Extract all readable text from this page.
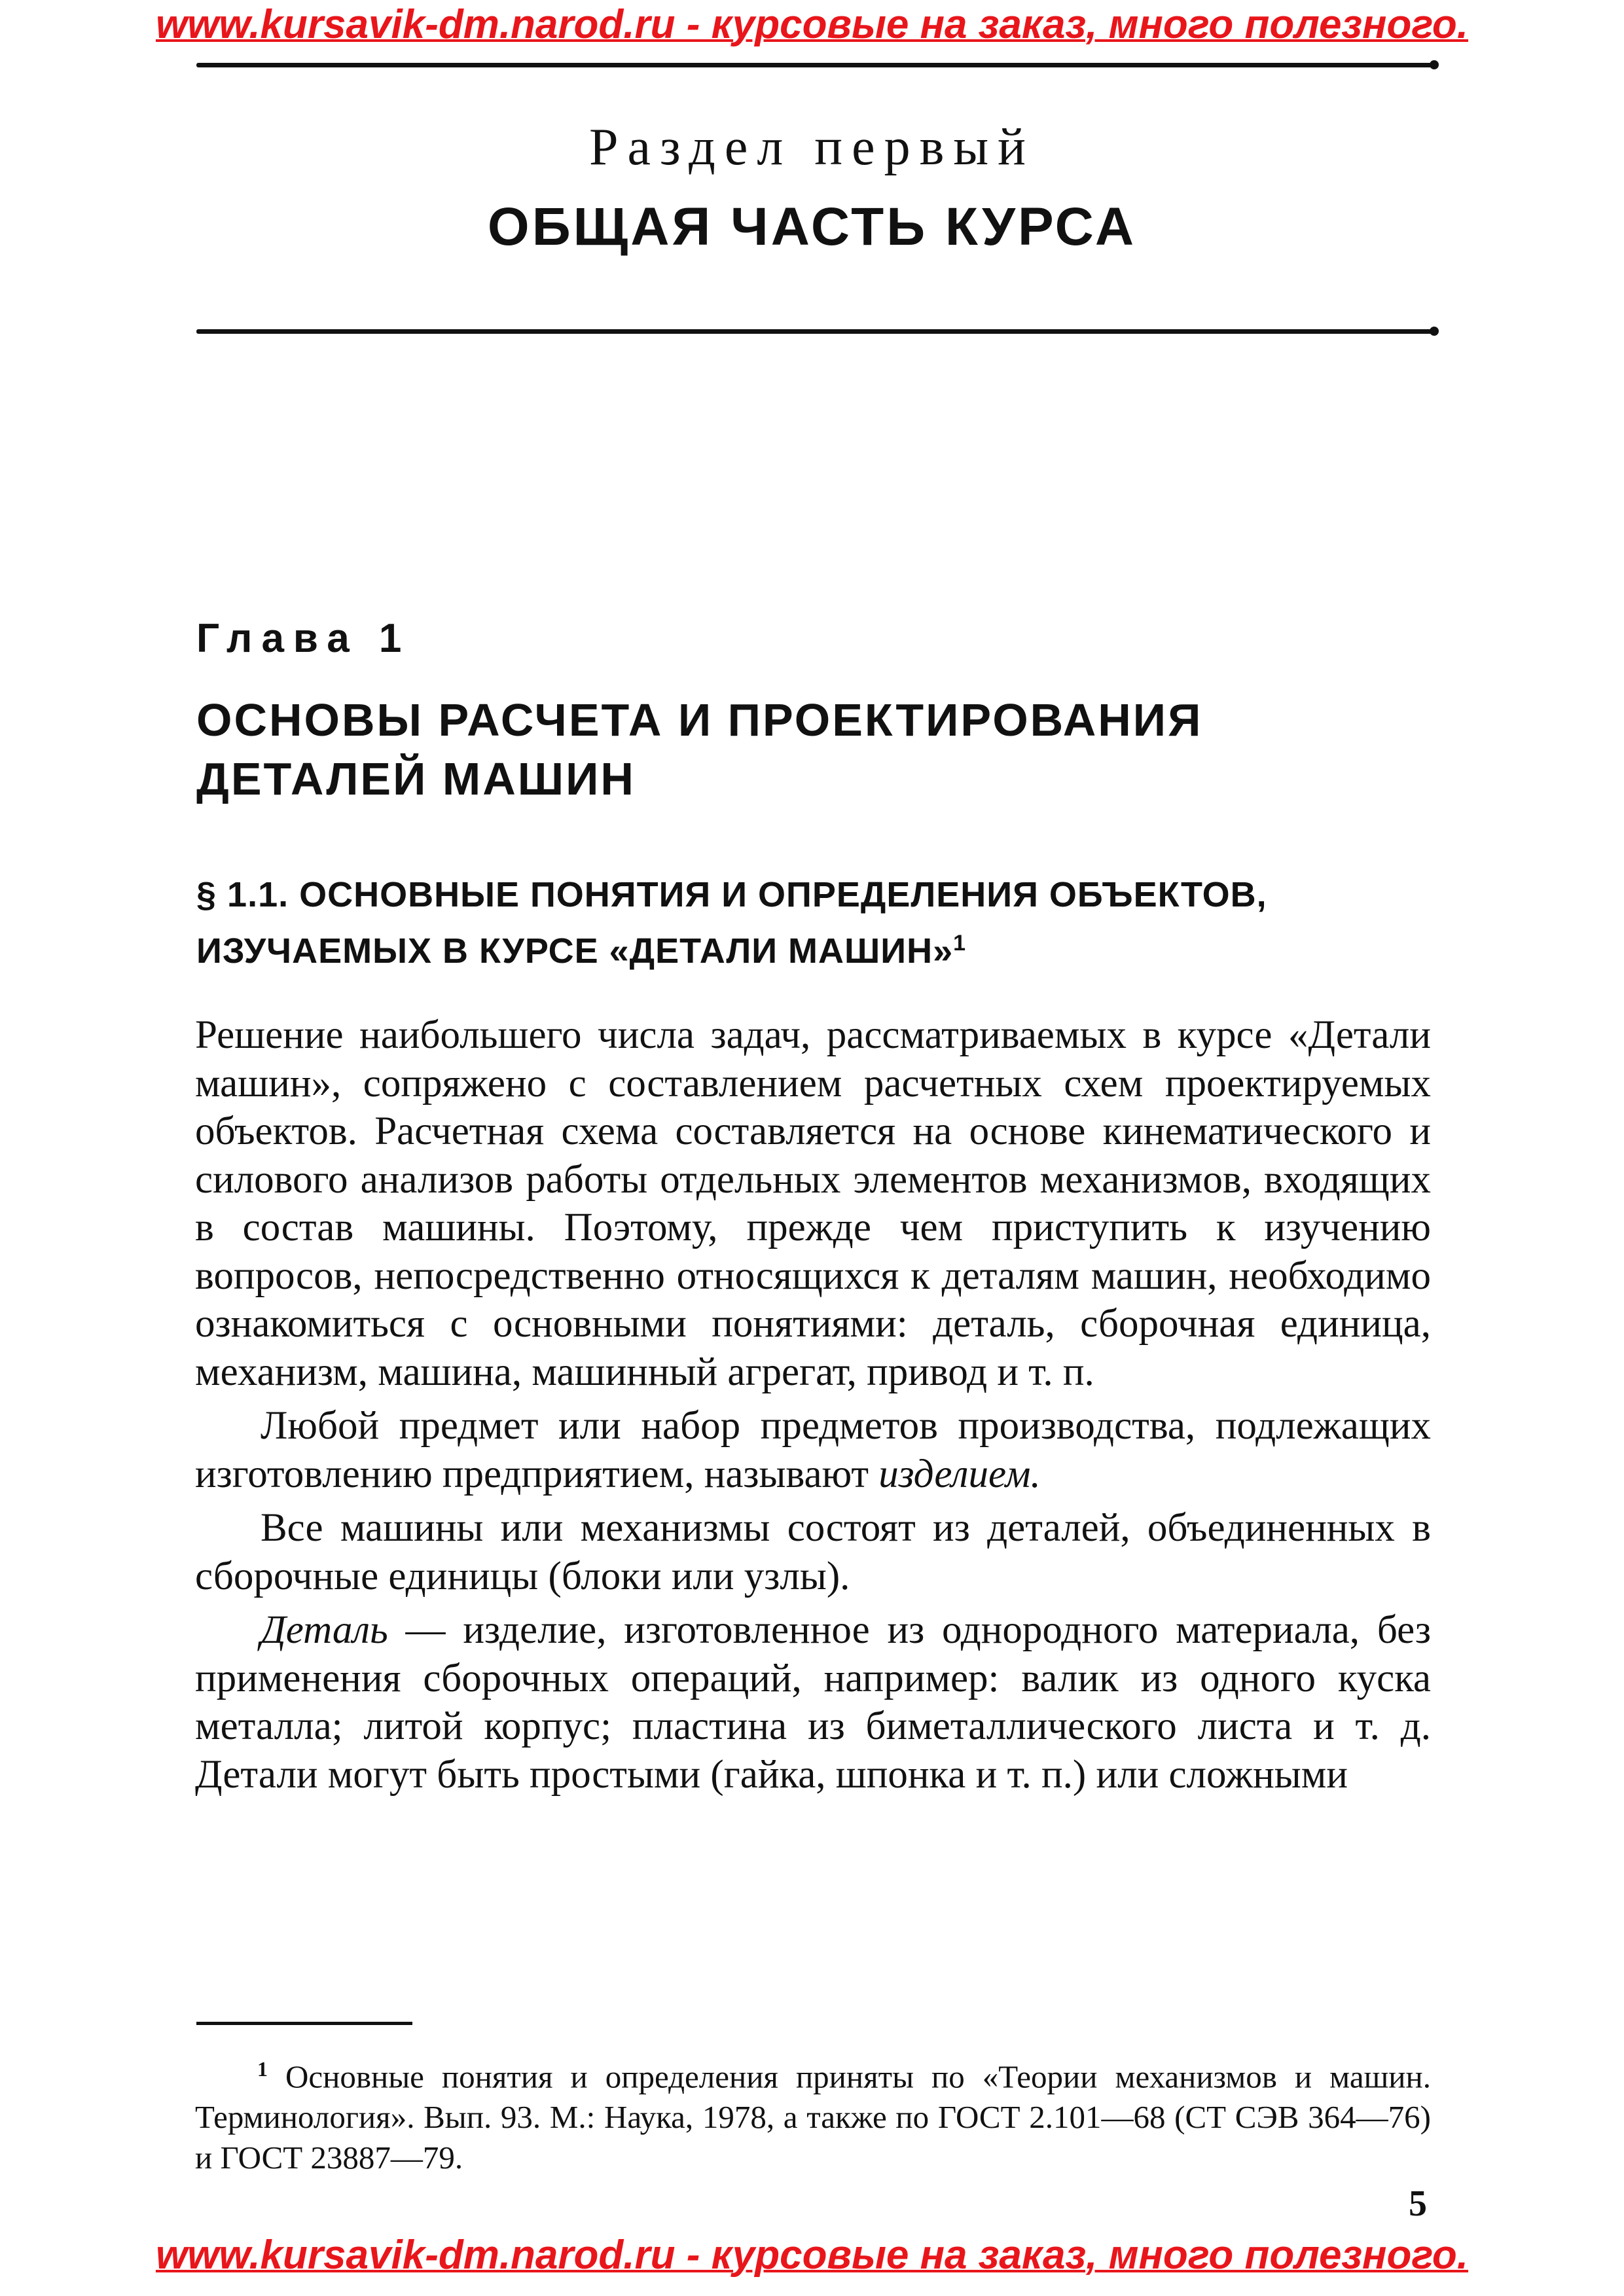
www.kursavik-dm.narod.ru - курсовые на заказ, много полезного.
Раздел первый
ОБЩАЯ ЧАСТЬ КУРСА
Глава 1
ОСНОВЫ РАСЧЕТА И ПРОЕКТИРОВАНИЯ ДЕТАЛЕЙ МАШИН
§ 1.1. ОСНОВНЫЕ ПОНЯТИЯ И ОПРЕДЕЛЕНИЯ ОБЪЕКТОВ, ИЗУЧАЕМЫХ В КУРСЕ «ДЕТАЛИ МАШИН»$^1$

Решение наибольшего числа задач, рассматриваемых в курсе «Детали машин», сопряжено с составлением расчетных схем проектируемых объектов. Расчетная схема составляется на основе кинематического и силового анализов работы отдельных элементов механизмов, входящих в состав машины. Поэтому, прежде чем приступить к изучению вопросов, непосредственно относящихся к деталям машин, необходимо ознакомиться с основными понятиями: деталь, сборочная единица, механизм, машина, машинный агрегат, привод и т. п.

Любой предмет или набор предметов производства, подлежащих изготовлению предприятием, называют изделием.

Все машины или механизмы состоят из деталей, объединенных в сборочные единицы (блоки или узлы).

Деталь — изделие, изготовленное из однородного материала, без применения сборочных операций, например: валик из одного куска металла; литой корпус; пластина из биметаллического листа и т. д. Детали могут быть простыми (гайка, шпонка и т. п.) или сложными

$^1$ Основные понятия и определения приняты по «Теории механизмов и машин. Терминология». Вып. 93. М.: Наука, 1978, а также по ГОСТ 2.101—68 (СТ СЭВ 364—76) и ГОСТ 23887—79.
5
www.kursavik-dm.narod.ru - курсовые на заказ, много полезного.
